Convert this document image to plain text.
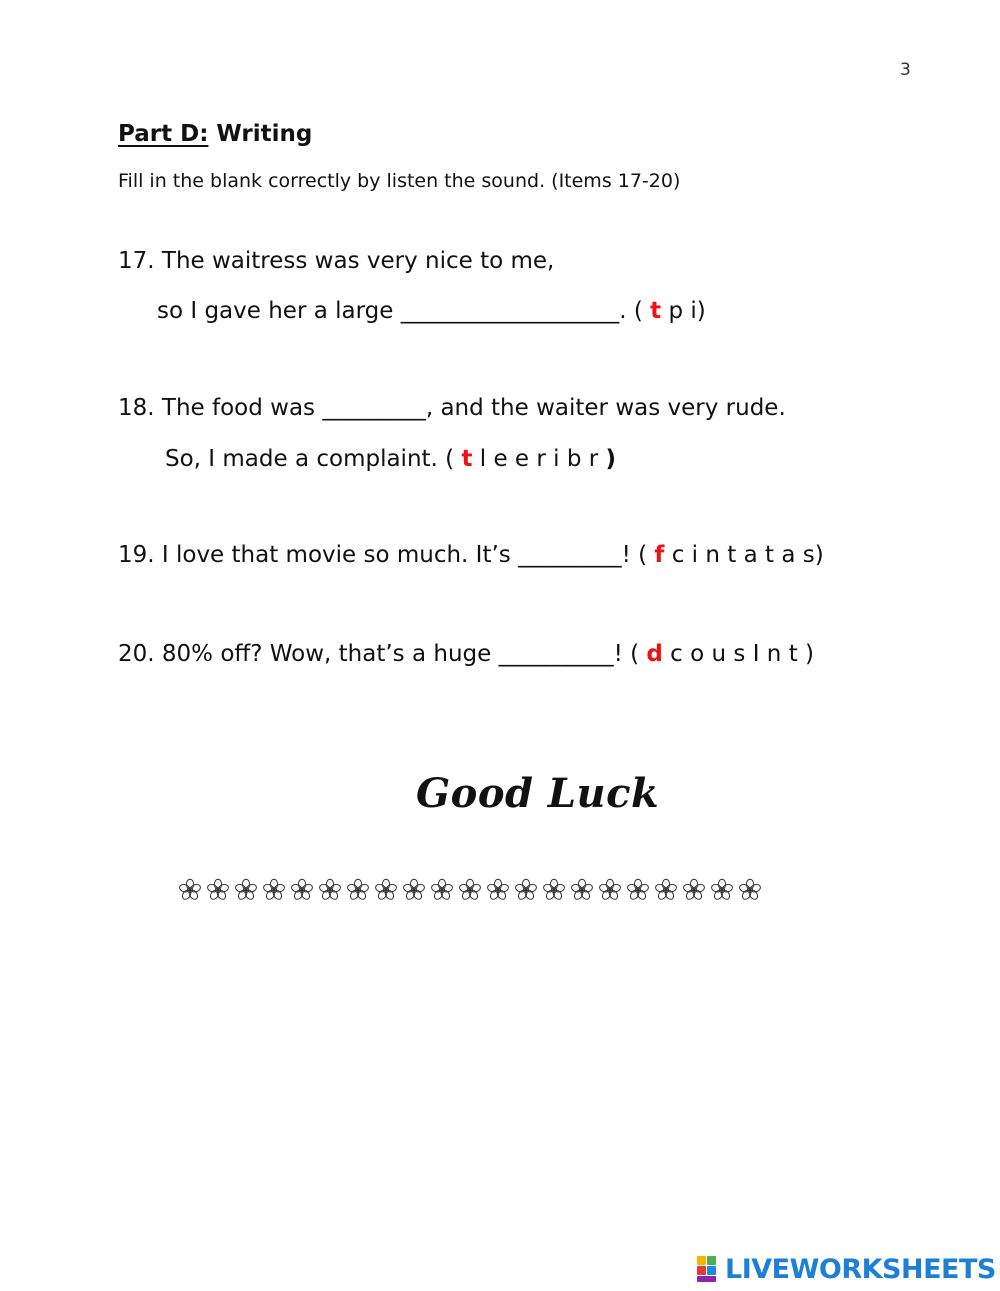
3
Part D: Writing
Fill in the blank correctly by listen the sound. (Items 17-20)
17. The waitress was very nice to me,
so I gave her a large ___________________. ( t p i)
18. The food was _________, and the waiter was very rude.
So, I made a complaint. ( t l e e r i b r )
19. I love that movie so much. It’s _________! ( f c i n t a t a s)
20. 80% off? Wow, that’s a huge __________! ( d c o u s I n t )
Good Luck
LIVEWORKSHEETS
